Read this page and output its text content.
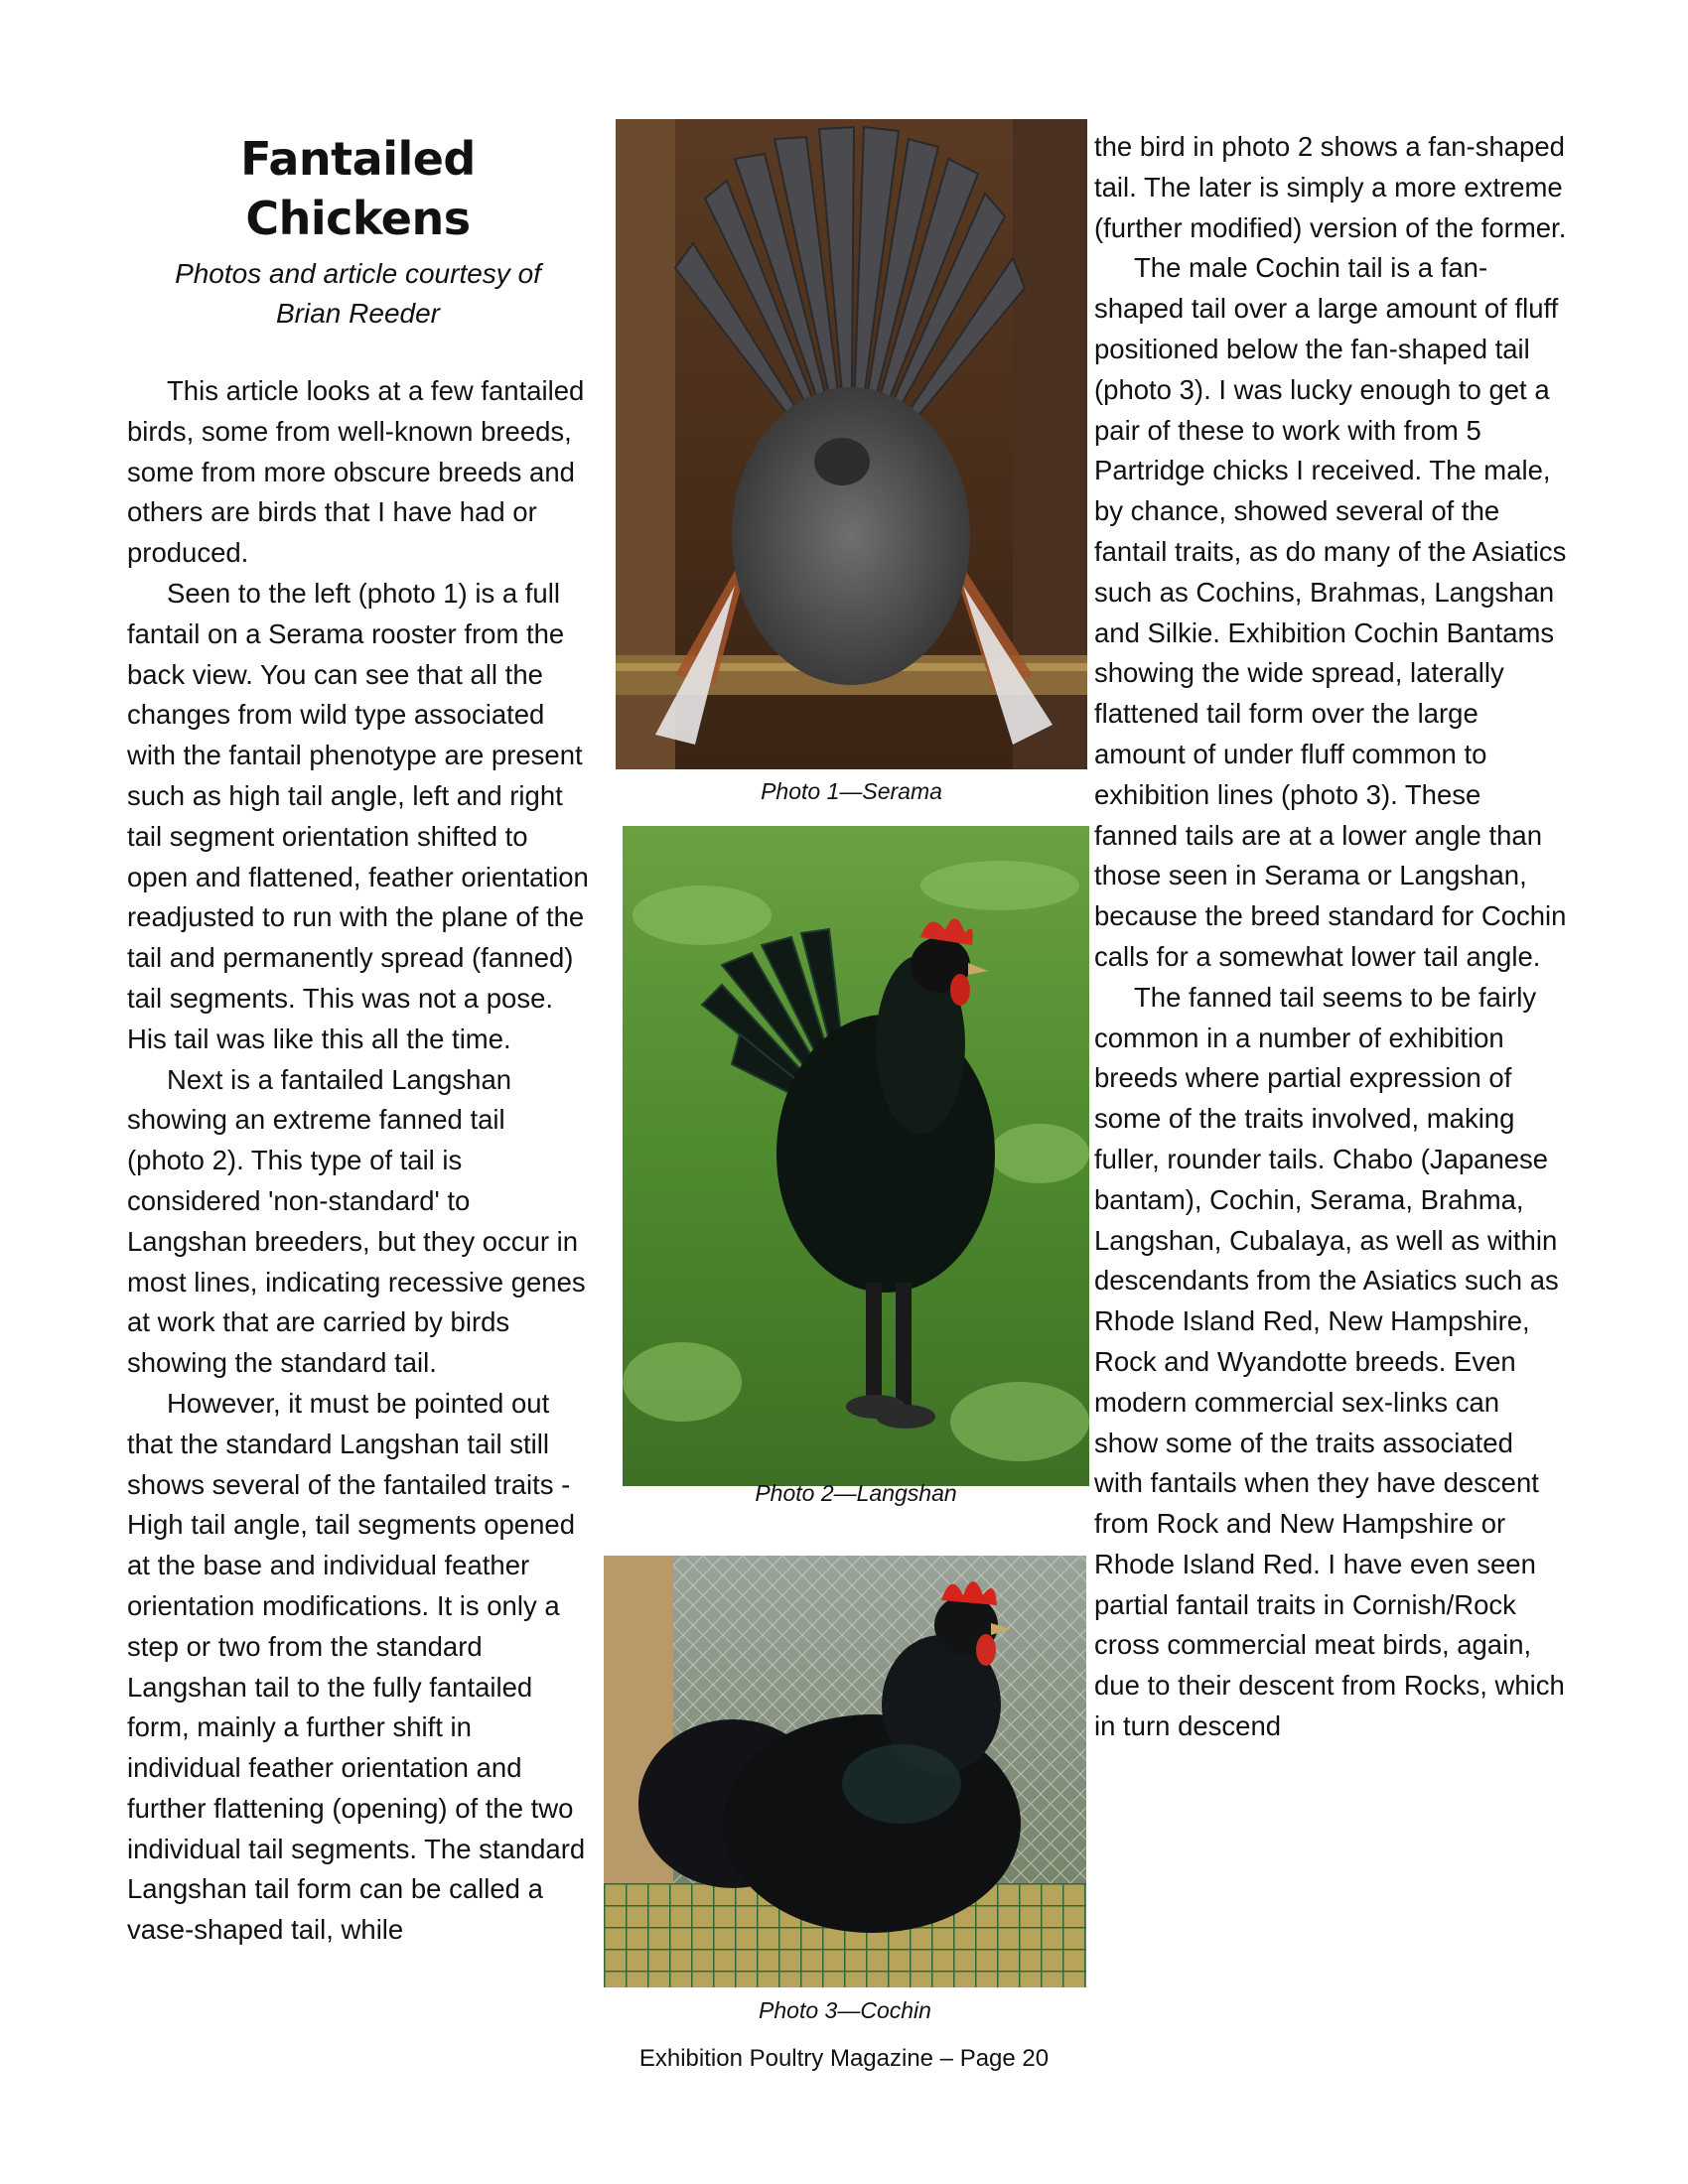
Fantailed Chickens
Photos and article courtesy of
Brian Reeder

This article looks at a few fantailed birds, some from well-known breeds, some from more obscure breeds and others are birds that I have had or produced.

Seen to the left (photo 1) is a full fantail on a Serama rooster from the back view. You can see that all the changes from wild type associated with the fantail phenotype are present such as high tail angle, left and right tail segment orientation shifted to open and flattened, feather orientation readjusted to run with the plane of the tail and permanently spread (fanned) tail segments. This was not a pose. His tail was like this all the time.

Next is a fantailed Langshan showing an extreme fanned tail (photo 2). This type of tail is considered 'non-standard' to Langshan breeders, but they occur in most lines, indicating recessive genes at work that are carried by birds showing the standard tail.

However, it must be pointed out that the standard Langshan tail still shows several of the fantailed traits - High tail angle, tail segments opened at the base and individual feather orientation modifications. It is only a step or two from the standard Langshan tail to the fully fantailed form, mainly a further shift in individual feather orientation and further flattening (opening) of the two individual tail segments. The standard Langshan tail form can be called a vase-shaped tail, while

Photo 1—Serama
Photo 2—Langshan
Photo 3—Cochin

the bird in photo 2 shows a fan-shaped tail. The later is simply a more extreme (further modified) version of the former.

The male Cochin tail is a fan-shaped tail over a large amount of fluff positioned below the fan-shaped tail (photo 3). I was lucky enough to get a pair of these to work with from 5 Partridge chicks I received. The male, by chance, showed several of the fantail traits, as do many of the Asiatics such as Cochins, Brahmas, Langshan and Silkie. Exhibition Cochin Bantams showing the wide spread, laterally flattened tail form over the large amount of under fluff common to exhibition lines (photo 3). These fanned tails are at a lower angle than those seen in Serama or Langshan, because the breed standard for Cochin calls for a somewhat lower tail angle.

The fanned tail seems to be fairly common in a number of exhibition breeds where partial expression of some of the traits involved, making fuller, rounder tails. Chabo (Japanese bantam), Cochin, Serama, Brahma, Langshan, Cubalaya, as well as within descendants from the Asiatics such as Rhode Island Red, New Hampshire, Rock and Wyandotte breeds. Even modern commercial sex-links can show some of the traits associated with fantails when they have descent from Rock and New Hampshire or Rhode Island Red. I have even seen partial fantail traits in Cornish/Rock cross commercial meat birds, again, due to their descent from Rocks, which in turn descend

Exhibition Poultry Magazine – Page 20
